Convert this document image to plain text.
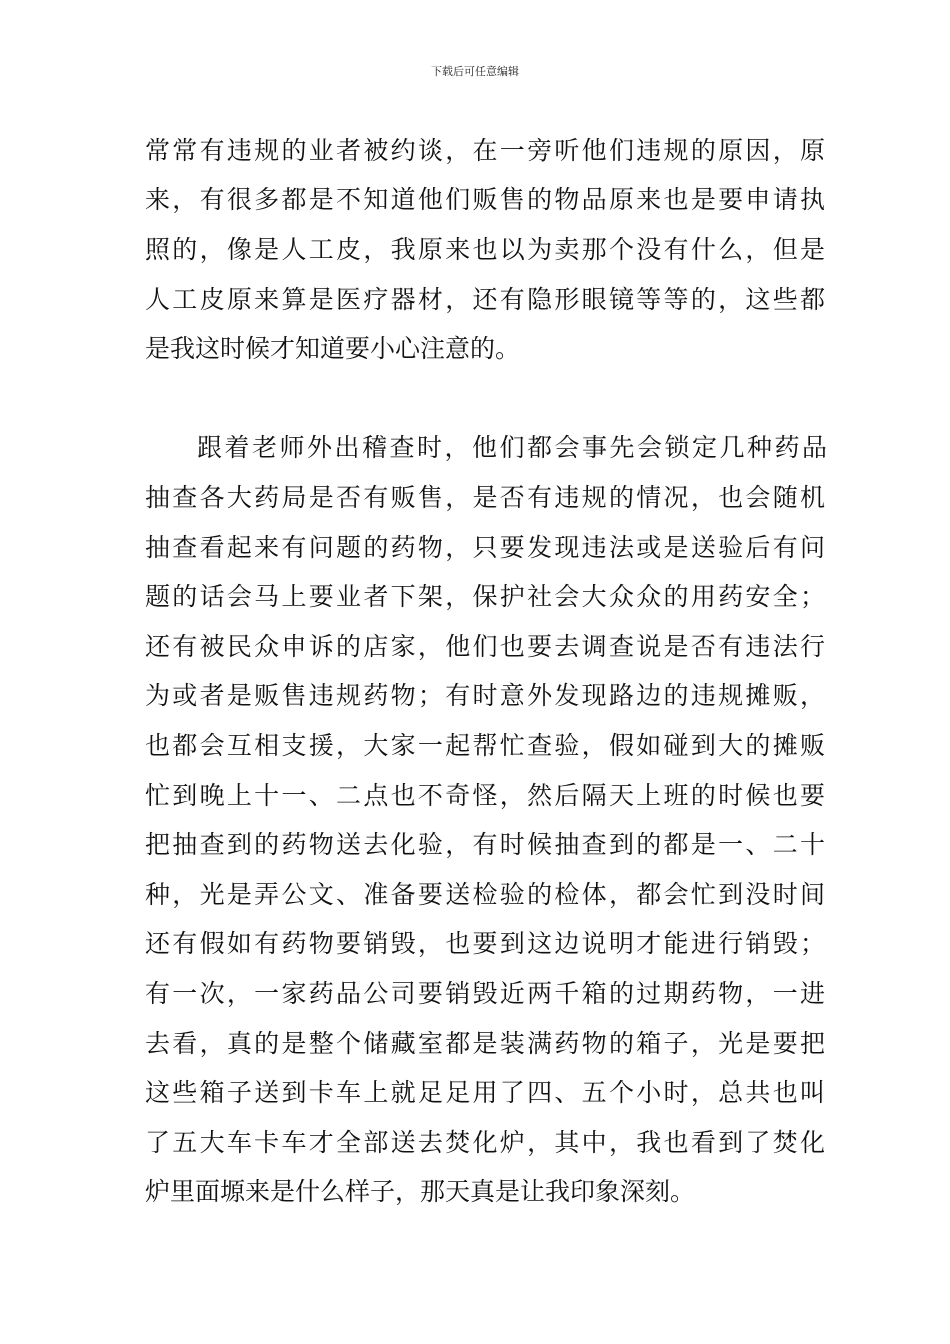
下载后可任意编辑
常常有违规的业者被约谈，在一旁听他们违规的原因，原
来，有很多都是不知道他们贩售的物品原来也是要申请执
照的，像是人工皮，我原来也以为卖那个没有什么，但是
人工皮原来算是医疗器材，还有隐形眼镜等等的，这些都
是我这时候才知道要小心注意的。
跟着老师外出稽查时，他们都会事先会锁定几种药品
抽查各大药局是否有贩售，是否有违规的情况，也会随机
抽查看起来有问题的药物，只要发现违法或是送验后有问
题的话会马上要业者下架，保护社会大众众的用药安全；
还有被民众申诉的店家，他们也要去调查说是否有违法行
为或者是贩售违规药物；有时意外发现路边的违规摊贩，
也都会互相支援，大家一起帮忙查验，假如碰到大的摊贩
忙到晚上十一、二点也不奇怪，然后隔天上班的时候也要
把抽查到的药物送去化验，有时候抽查到的都是一、二十
种，光是弄公文、准备要送检验的检体，都会忙到没时间
还有假如有药物要销毁，也要到这边说明才能进行销毁；
有一次，一家药品公司要销毁近两千箱的过期药物，一进
去看，真的是整个储藏室都是装满药物的箱子，光是要把
这些箱子送到卡车上就足足用了四、五个小时，总共也叫
了五大车卡车才全部送去焚化炉，其中，我也看到了焚化
炉里面塬来是什么样子，那天真是让我印象深刻。
